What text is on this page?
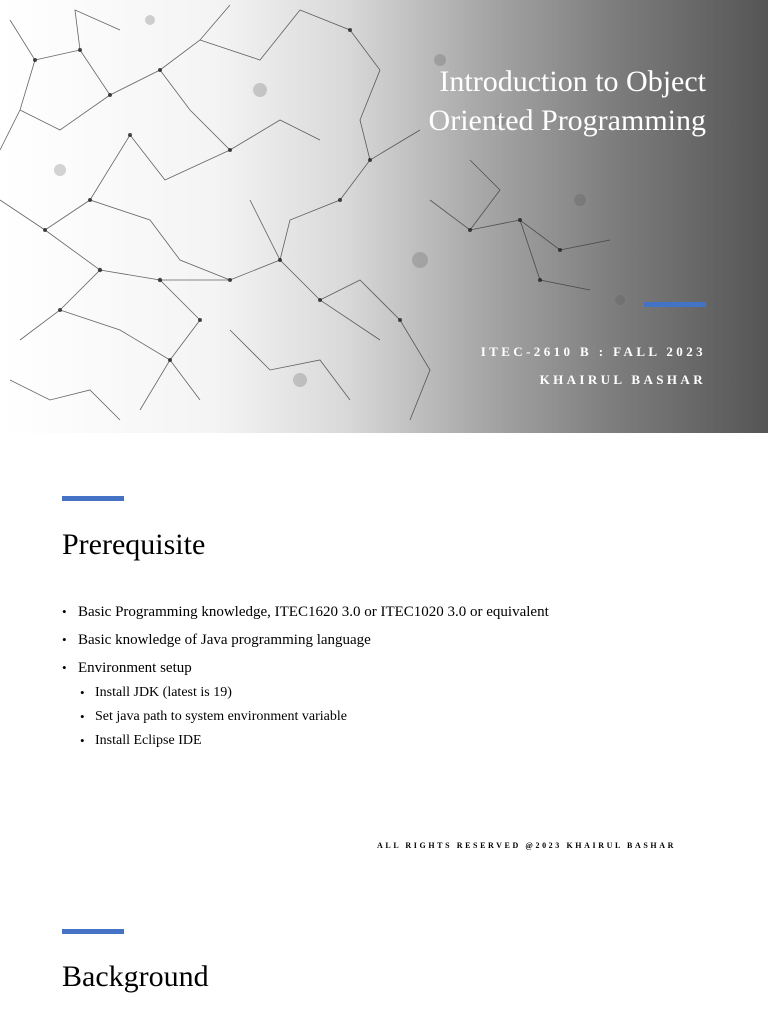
Introduction to Object Oriented Programming
ITEC-2610 B : FALL 2023
KHAIRUL BASHAR
Prerequisite
• Basic Programming knowledge, ITEC1620 3.0 or ITEC1020 3.0 or equivalent
• Basic knowledge of Java programming language
• Environment setup
• Install JDK (latest is 19)
• Set java path to system environment variable
• Install Eclipse IDE
ALL RIGHTS RESERVED @2023 KHAIRUL BASHAR
Background
